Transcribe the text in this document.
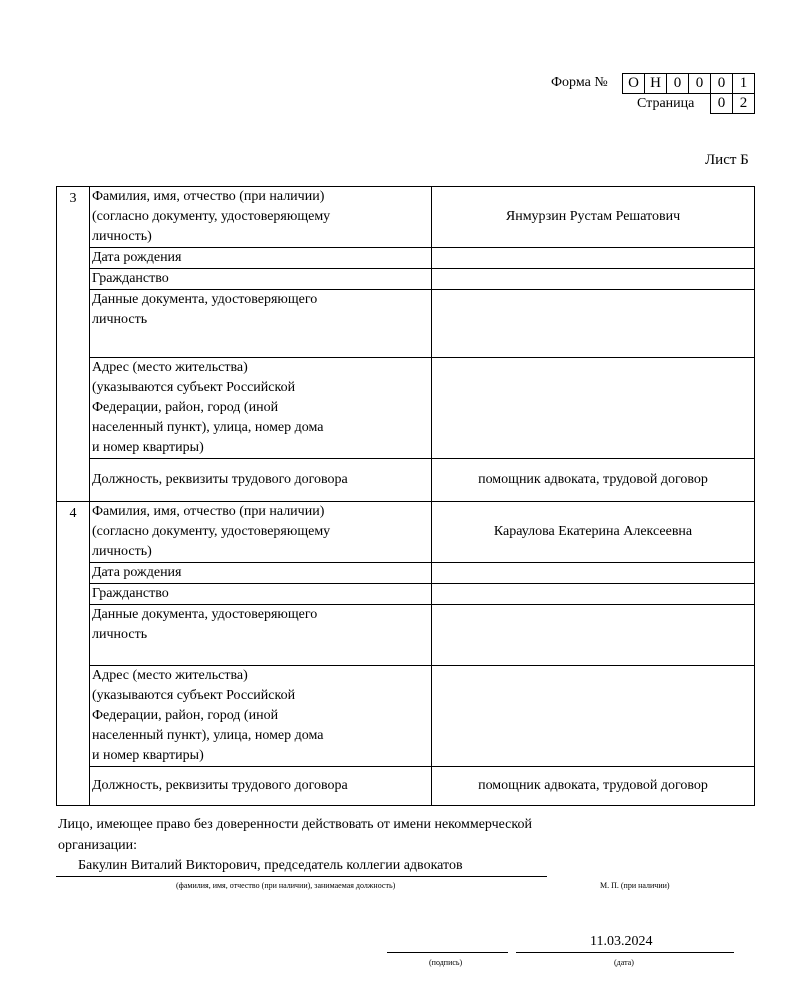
Форма №	О Н 0 0 0 1
Страница	0 2
Лист Б
3	Фамилия, имя, отчество (при наличии)
(согласно документу, удостоверяющему
личность)	Янмурзин Рустам Решатович
	Дата рождения	
	Гражданство	
	Данные документа, удостоверяющего
личность	
	Адрес (место жительства)
(указываются субъект Российской
Федерации, район, город (иной
населенный пункт), улица, номер дома
и номер квартиры)	
	Должность, реквизиты трудового договора	помощник адвоката, трудовой договор
4	Фамилия, имя, отчество (при наличии)
(согласно документу, удостоверяющему
личность)	Караулова Екатерина Алексеевна
	Дата рождения	
	Гражданство	
	Данные документа, удостоверяющего
личность	
	Адрес (место жительства)
(указываются субъект Российской
Федерации, район, город (иной
населенный пункт), улица, номер дома
и номер квартиры)	
	Должность, реквизиты трудового договора	помощник адвоката, трудовой договор
Лицо, имеющее право без доверенности действовать от имени некоммерческой
организации:
Бакулин Виталий Викторович, председатель коллегии адвокатов
(фамилия, имя, отчество (при наличии), занимаемая должность)	М. П. (при наличии)
11.03.2024
(подпись)	(дата)
